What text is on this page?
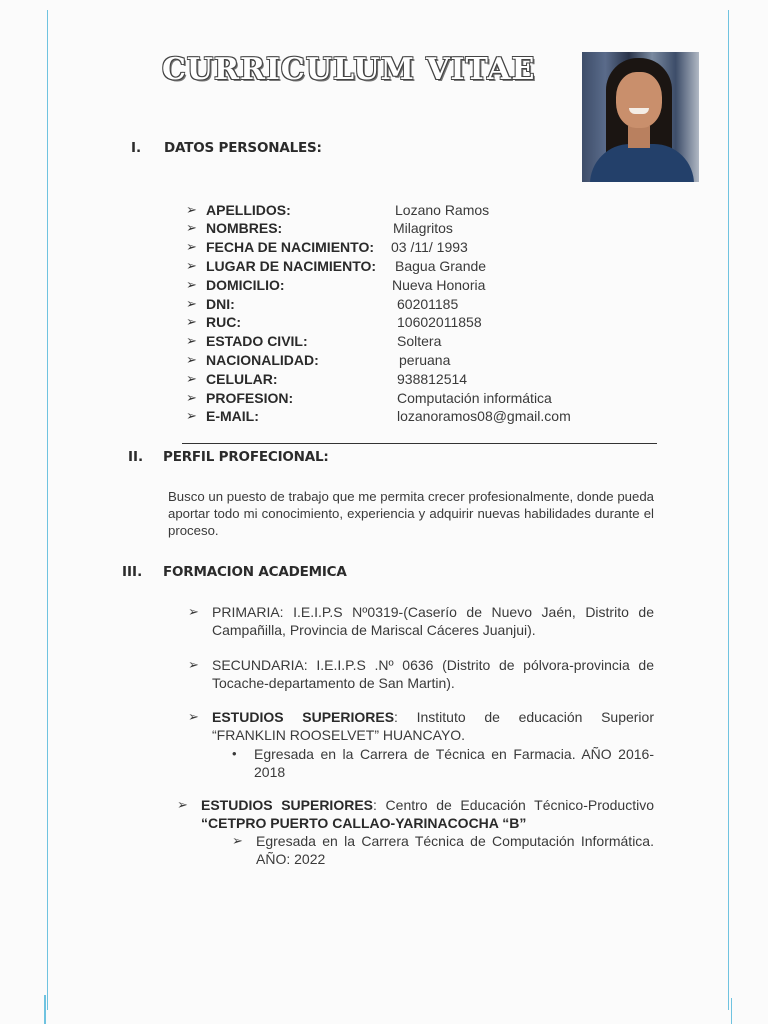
CURRICULUM VITAE
I. DATOS PERSONALES:
➢ APELLIDOS:	Lozano Ramos
➢ NOMBRES:	Milagritos
➢ FECHA DE NACIMIENTO: 03 /11/ 1993
➢ LUGAR DE NACIMIENTO: Bagua Grande
➢ DOMICILIO:	Nueva Honoria
➢ DNI:	60201185
➢ RUC:	10602011858
➢ ESTADO CIVIL:	Soltera
➢ NACIONALIDAD:	peruana
➢ CELULAR:	938812514
➢ PROFESION:	Computación informática
➢ E-MAIL:	lozanoramos08@gmail.com
II. PERFIL PROFECIONAL:
Busco un puesto de trabajo que me permita crecer profesionalmente, donde pueda aportar todo mi conocimiento, experiencia y adquirir nuevas habilidades durante el proceso.
III. FORMACION ACADEMICA
➢ PRIMARIA: I.E.I.P.S Nº0319-(Caserío de Nuevo Jaén, Distrito de Campañilla, Provincia de Mariscal Cáceres Juanjui).
➢ SECUNDARIA: I.E.I.P.S .Nº 0636 (Distrito de pólvora-provincia de Tocache-departamento de San Martin).
➢ ESTUDIOS SUPERIORES: Instituto de educación Superior “FRANKLIN ROOSELVET” HUANCAYO.
• Egresada en la Carrera de Técnica en Farmacia. AÑO 2016-2018
➢ ESTUDIOS SUPERIORES: Centro de Educación Técnico-Productivo “CETPRO PUERTO CALLAO-YARINACOCHA “B”
➢ Egresada en la Carrera Técnica de Computación Informática. AÑO: 2022
